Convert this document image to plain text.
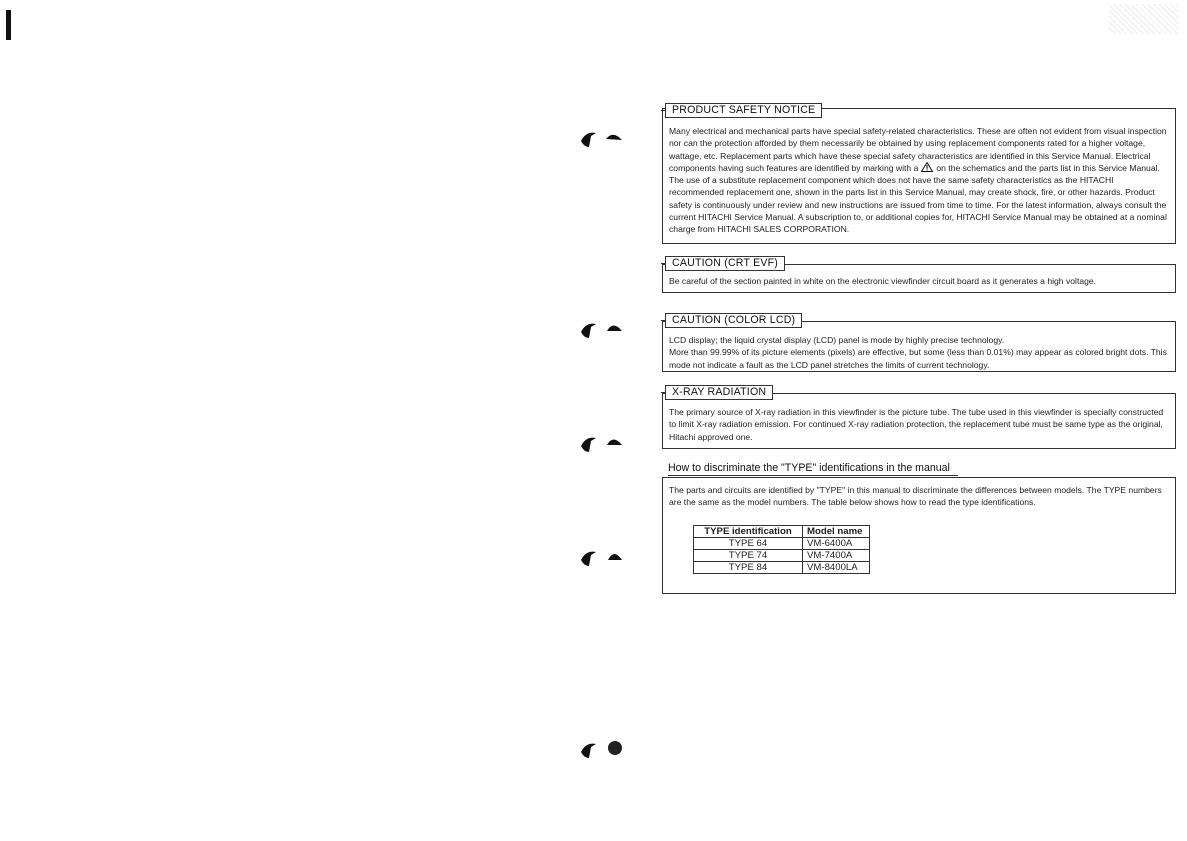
PRODUCT SAFETY NOTICE

Many electrical and mechanical parts have special safety-related characteristics. These are often not evident from visual inspection nor can the protection afforded by them necessarily be obtained by using replacement components rated for a higher voltage, wattage, etc. Replacement parts which have these special safety characteristics are identified in this Service Manual. Electrical components having such features are identified by marking with a on the schematics and the parts list in this Service Manual. The use of a substitute replacement component which does not have the same safety characteristics as the HITACHI recommended replacement one, shown in the parts list in this Service Manual, may create shock, fire, or other hazards. Product safety is continuously under review and new instructions are issued from time to time. For the latest information, always consult the current HITACHI Service Manual. A subscription to, or additional copies for, HITACHI Service Manual may be obtained at a nominal charge from HITACHI SALES CORPORATION.

CAUTION (CRT EVF)

Be careful of the section painted in white on the electronic viewfinder circuit board as it generates a high voltage.

CAUTION (COLOR LCD)

LCD display; the liquid crystal display (LCD) panel is mode by highly precise technology.

More than 99.99% of its picture elements (pixels) are effective, but some (less than 0.01%) may appear as colored bright dots. This mode not indicate a fault as the LCD panel stretches the limits of current technology.

X-RAY RADIATION

The primary source of X-ray radiation in this viewfinder is the picture tube. The tube used in this viewfinder is specially constructed to limit X-ray radiation emission. For continued X-ray radiation protection, the replacement tube must be same type as the original, Hitachi approved one.

How to discriminate the "TYPE" identifications in the manual

The parts and circuits are identified by "TYPE" in this manual to discriminate the differences between models. The TYPE numbers are the same as the model numbers. The table below shows how to read the type identifications.

TYPE identification	Model name
TYPE 64	VM-6400A
TYPE 74	VM-7400A
TYPE 84	VM-8400LA
